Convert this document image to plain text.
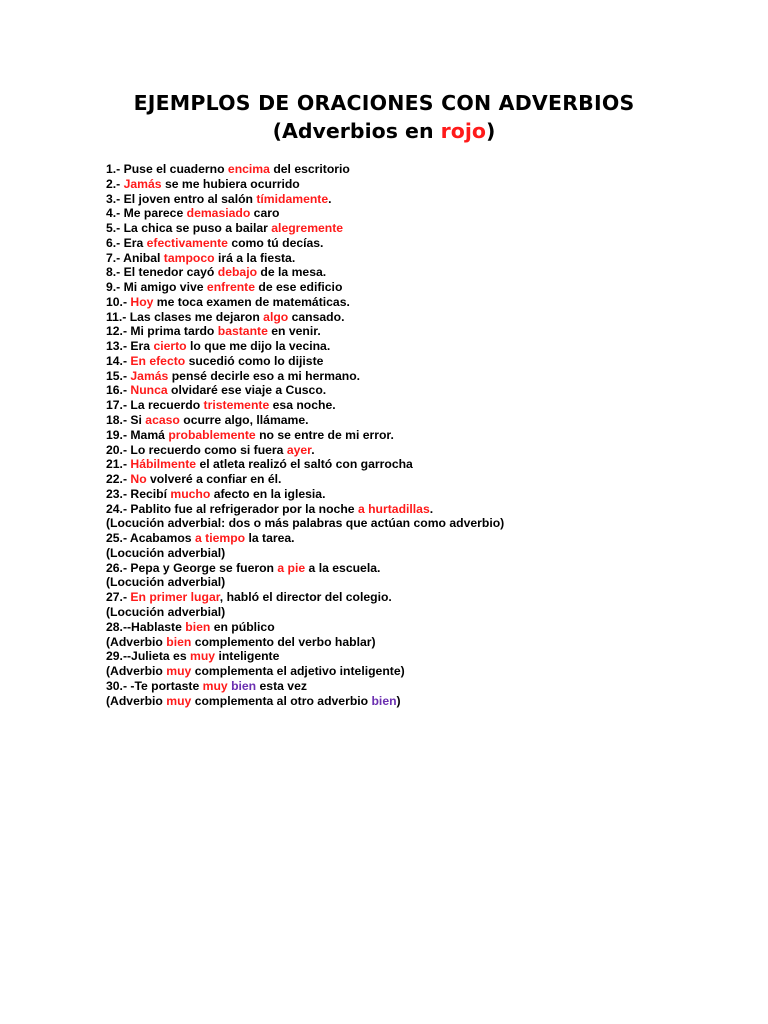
EJEMPLOS DE ORACIONES CON ADVERBIOS
(Adverbios en rojo)
1.- Puse el cuaderno encima del escritorio
2.- Jamás se me hubiera ocurrido
3.- El joven entro al salón tímidamente.
4.- Me parece demasiado caro
5.- La chica se puso a bailar alegremente
6.- Era efectivamente como tú decías.
7.- Anibal tampoco irá a la fiesta.
8.- El tenedor cayó debajo de la mesa.
9.- Mi amigo vive enfrente de ese edificio
10.- Hoy me toca examen de matemáticas.
11.- Las clases me dejaron algo cansado.
12.- Mi prima tardo bastante en venir.
13.- Era cierto lo que me dijo la vecina.
14.- En efecto sucedió como lo dijiste
15.- Jamás pensé decirle eso a mi hermano.
16.- Nunca olvidaré ese viaje a Cusco.
17.- La recuerdo tristemente esa noche.
18.- Si acaso ocurre algo, llámame.
19.- Mamá probablemente no se entre de mi error.
20.- Lo recuerdo como si fuera ayer.
21.- Hábilmente el atleta realizó el saltó con garrocha
22.- No volveré a confiar en él.
23.- Recibí mucho afecto en la iglesia.
24.- Pablito fue al refrigerador por la noche a hurtadillas.
(Locución adverbial: dos o más palabras que actúan como adverbio)
25.- Acabamos a tiempo la tarea.
(Locución adverbial)
26.- Pepa y George se fueron a pie a la escuela.
(Locución adverbial)
27.- En primer lugar, habló el director del colegio.
(Locución adverbial)
28.--Hablaste bien en público
(Adverbio bien complemento del verbo hablar)
29.--Julieta es muy inteligente
(Adverbio muy complementa el adjetivo inteligente)
30.- -Te portaste muy bien esta vez
(Adverbio muy complementa al otro adverbio bien)
